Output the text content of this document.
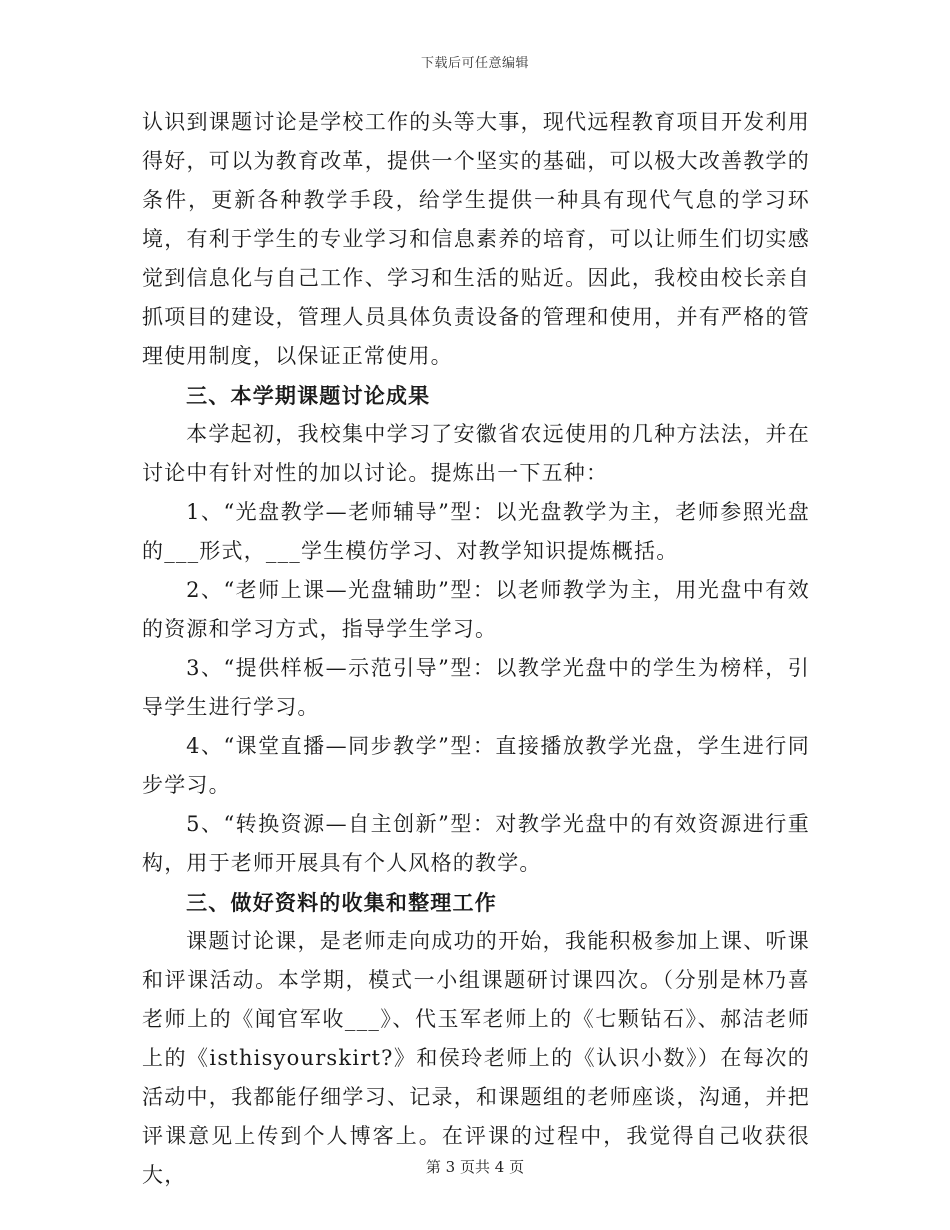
下载后可任意编辑

认识到课题讨论是学校工作的头等大事，现代远程教育项目开发利用得好，可以为教育改革，提供一个坚实的基础，可以极大改善教学的条件，更新各种教学手段，给学生提供一种具有现代气息的学习环境，有利于学生的专业学习和信息素养的培育，可以让师生们切实感觉到信息化与自己工作、学习和生活的贴近。因此，我校由校长亲自抓项目的建设，管理人员具体负责设备的管理和使用，并有严格的管理使用制度，以保证正常使用。

三、本学期课题讨论成果

本学起初，我校集中学习了安徽省农远使用的几种方法法，并在讨论中有针对性的加以讨论。提炼出一下五种：

1、“光盘教学—老师辅导”型：以光盘教学为主，老师参照光盘的___形式，___学生模仿学习、对教学知识提炼概括。

2、“老师上课—光盘辅助”型：以老师教学为主，用光盘中有效的资源和学习方式，指导学生学习。

3、“提供样板—示范引导”型：以教学光盘中的学生为榜样，引导学生进行学习。

4、“课堂直播—同步教学”型：直接播放教学光盘，学生进行同步学习。

5、“转换资源—自主创新”型：对教学光盘中的有效资源进行重构，用于老师开展具有个人风格的教学。

三、做好资料的收集和整理工作

课题讨论课，是老师走向成功的开始，我能积极参加上课、听课和评课活动。本学期，模式一小组课题研讨课四次。（分别是林乃喜老师上的《闻官军收___》、代玉军老师上的《七颗钻石》、郝洁老师上的《isthisyourskirt?》和侯玲老师上的《认识小数》）在每次的活动中，我都能仔细学习、记录，和课题组的老师座谈，沟通，并把评课意见上传到个人博客上。在评课的过程中，我觉得自己收获很大，	第 3 页共 4 页
